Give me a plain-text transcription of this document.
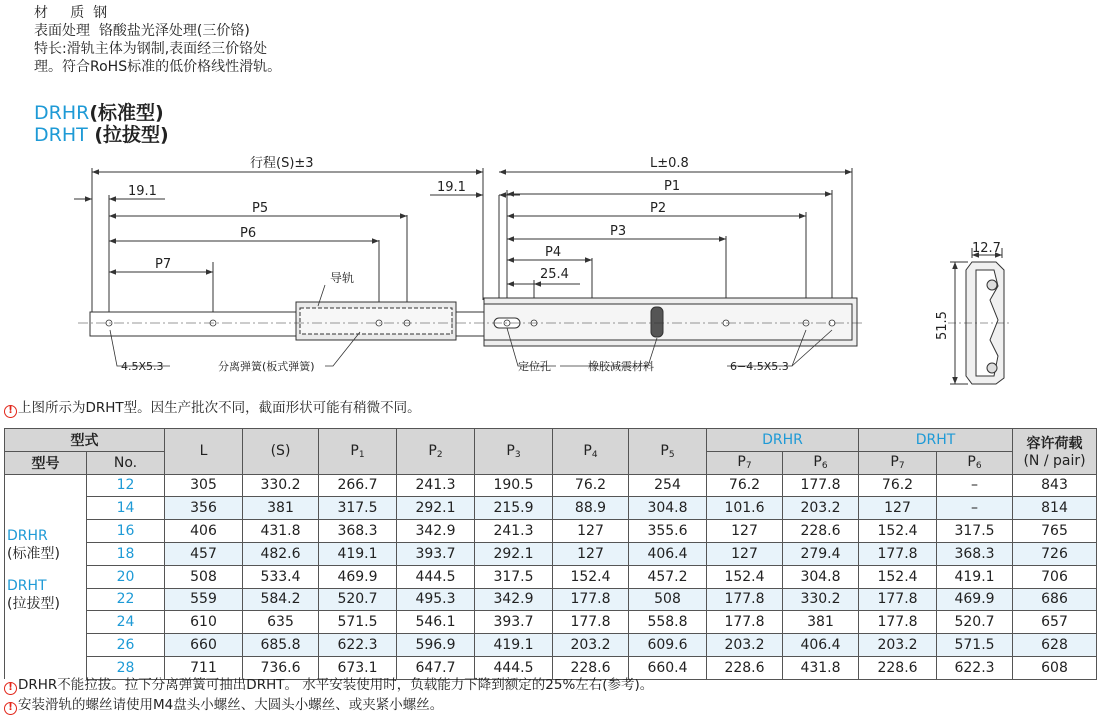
材     质  钢
表面处理  铬酸盐光泽处理(三价铬)
特长:滑轨主体为钢制,表面经三价铬处理。符合RoHS标准的低价格线性滑轨。
DRHR(标准型)
DRHT (拉拔型)
行程(S)±3	L±0.8
19.1	19.1
P5
P6
P7
P1
P2
P3
P4
25.4
导轨
4.5X5.3	分离弹簧(板式弹簧)	定位孔	橡胶减震材料	6−4.5X5.3
12.7
51.5
! 上图所示为DRHT型。因生产批次不同，截面形状可能有稍微不同。
型式		L	(S)	$P_1$	$P_2$	$P_3$	$P_4$	$P_5$	DRHR		DRHT		容许荷载
(N / pair)
型号	No.								$P_7$	$P_6$	$P_7$	$P_6$
DRHR
(标准型)	12	305	330.2	266.7	241.3	190.5	76.2	254	76.2	177.8	76.2	–	843
	14	356	381	317.5	292.1	215.9	88.9	304.8	101.6	203.2	127	–	814
	16	406	431.8	368.3	342.9	241.3	127	355.6	127	228.6	152.4	317.5	765
	18	457	482.6	419.1	393.7	292.1	127	406.4	127	279.4	177.8	368.3	726
DRHT
(拉拔型)	20	508	533.4	469.9	444.5	317.5	152.4	457.2	152.4	304.8	152.4	419.1	706
	22	559	584.2	520.7	495.3	342.9	177.8	508	177.8	330.2	177.8	469.9	686
	24	610	635	571.5	546.1	393.7	177.8	558.8	177.8	381	177.8	520.7	657
	26	660	685.8	622.3	596.9	419.1	203.2	609.6	203.2	406.4	203.2	571.5	628
	28	711	736.6	673.1	647.7	444.5	228.6	660.4	228.6	431.8	228.6	622.3	608
! DRHR不能拉拔。拉下分离弹簧可抽出DRHT。 水平安装使用时，负载能力下降到额定的25%左右(参考)。
! 安装滑轨的螺丝请使用M4盘头小螺丝、大圆头小螺丝、或夹紧小螺丝。
